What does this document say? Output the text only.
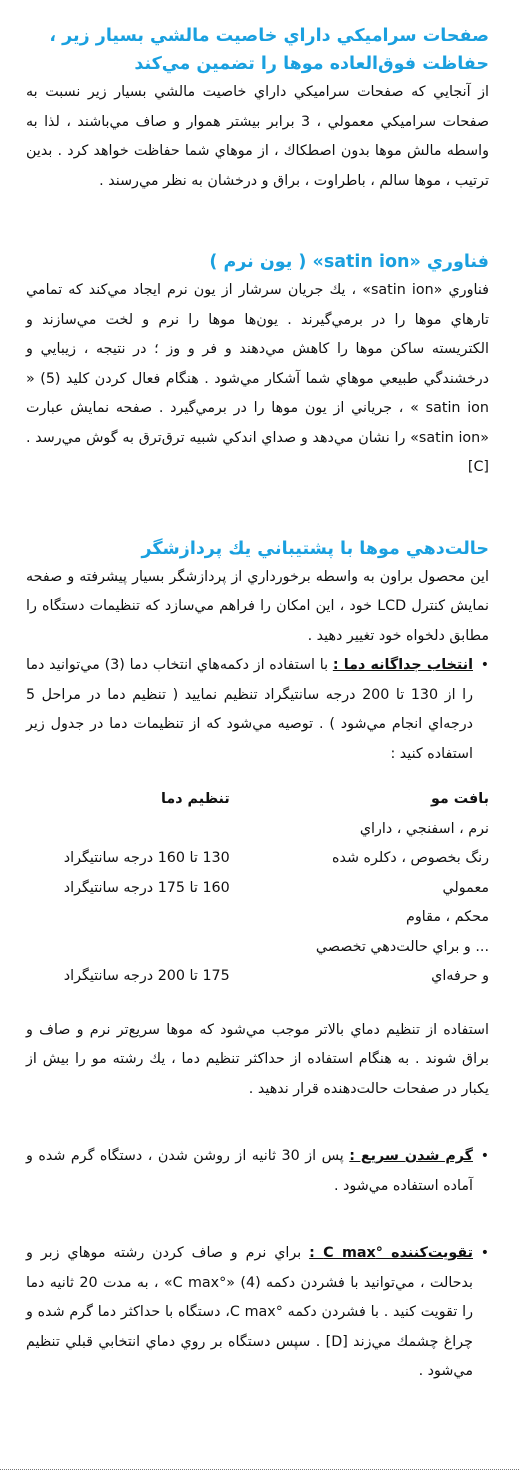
صفحات سراميكي داراي خاصيت مالشي بسيار زير ، حفاظت فوق‌العاده موها را تضمين مي‌كند

از آنجايي كه صفحات سراميكي داراي خاصيت مالشي بسيار زير نسبت به صفحات سراميكي معمولي ، 3 برابر بيشتر هموار و صاف مي‌باشند ، لذا به واسطه مالش موها بدون اصطكاك ، از موهاي شما حفاظت خواهد كرد . بدين ترتيب ، موها سالم ، باطراوت ، براق و درخشان به نظر مي‌رسند .

فناوري «satin ion» ( يون نرم )

فناوري «satin ion» ، يك جريان سرشار از يون نرم ايجاد مي‌كند كه تمامي تارهاي موها را در برمي‌گيرند . يون‌ها موها را نرم و لخت مي‌سازند و الكتريسته ساكن موها را كاهش مي‌دهند و فر و وز ؛ در نتيجه ، زيبايي و درخشندگي طبيعي موهاي شما آشكار مي‌شود . هنگام فعال كردن كليد (5) « satin ion » ، جرياني از يون موها را در برمي‌گيرد . صفحه نمايش عبارت «satin ion» را نشان مي‌دهد و صداي اندكي شبيه ترق‌ترق به گوش مي‌رسد . [C]

حالت‌دهي موها با پشتيباني يك پردازشگر

اين محصول براون به واسطه برخورداري از پردازشگر بسيار پيشرفته و صفحه نمايش كنترل LCD خود ، اين امكان را فراهم مي‌سازد كه تنظيمات دستگاه را مطابق دلخواه خود تغيير دهيد .

• انتخاب جداگانه دما : با استفاده از دكمه‌هاي انتخاب دما (3) مي‌توانيد دما را از 130 تا 200 درجه سانتيگراد تنظيم نماييد ( تنظيم دما در مراحل 5 درجه‌اي انجام مي‌شود ) . توصيه مي‌شود كه از تنظيمات دما در جدول زير استفاده كنيد :
بافت مو	تنظيم دما
نرم ، اسفنجي ، داراي	
رنگ بخصوص ، دكلره شده	130 تا 160 درجه سانتيگراد
معمولي	160 تا 175 درجه سانتيگراد
محكم ، مقاوم	
... و براي حالت‌دهي تخصصي	
و حرفه‌اي	175 تا 200 درجه سانتيگراد

استفاده از تنظيم دماي بالاتر موجب مي‌شود كه موها سريع‌تر نرم و صاف و براق شوند . به هنگام استفاده از حداكثر تنظيم دما ، يك رشته مو را بيش از يكبار در صفحات حالت‌دهنده قرار ندهيد .

• گرم شدن سريع : پس از 30 ثانيه از روشن شدن ، دستگاه گرم شده و آماده استفاده مي‌شود .
• تقويت‌كننده °C max : براي نرم و صاف كردن رشته موهاي زبر و بدحالت ، مي‌توانيد با فشردن دكمه (4) «°C max» ، به مدت 20 ثانيه دما را تقويت كنيد . با فشردن دكمه °C max، دستگاه با حداكثر دما گرم شده و چراغ چشمك مي‌زند [D] . سپس دستگاه بر روي دماي انتخابي قبلي تنظيم مي‌شود .
